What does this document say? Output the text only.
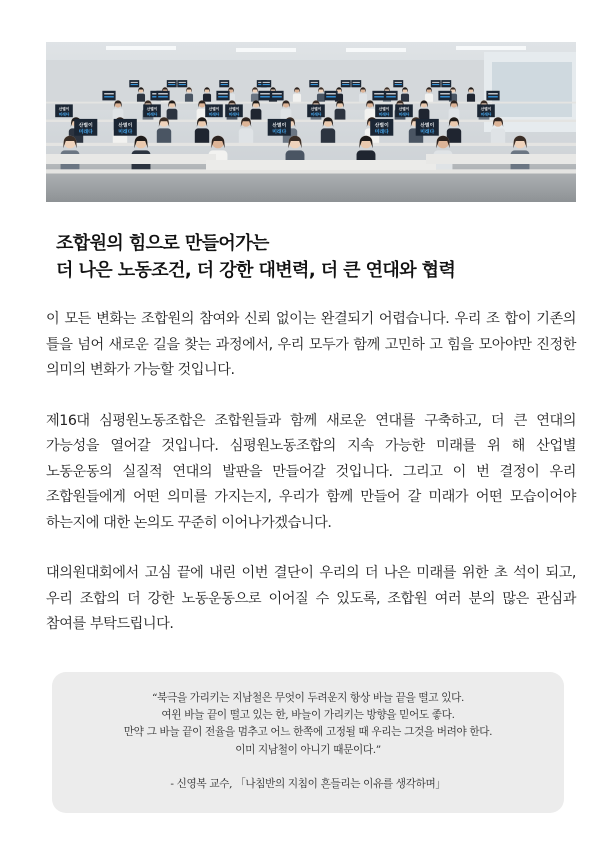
산별이
미래다
산별이
미래다
산별이
미래다
산별이
미래다
산별이
미래다
산별이
미래다
산별이
미래다
산별이
미래다
산별이
미래다
산별이
미래다
산별이
미래다
산별이
미래다
산별이
미래다
조합원의 힘으로 만들어가는
더 나은 노동조건, 더 강한 대변력, 더 큰 연대와 협력

이 모든 변화는 조합원의 참여와 신뢰 없이는 완결되기 어렵습니다. 우리 조 합이 기존의 틀을 넘어 새로운 길을 찾는 과정에서, 우리 모두가 함께 고민하 고 힘을 모아야만 진정한 의미의 변화가 가능할 것입니다.

제16대 심평원노동조합은 조합원들과 함께 새로운 연대를 구축하고, 더 큰 연대의 가능성을 열어갈 것입니다. 심평원노동조합의 지속 가능한 미래를 위 해 산업별 노동운동의 실질적 연대의 발판을 만들어갈 것입니다. 그리고 이 번 결정이 우리 조합원들에게 어떤 의미를 가지는지, 우리가 함께 만들어 갈 미래가 어떤 모습이어야 하는지에 대한 논의도 꾸준히 이어나가겠습니다.

대의원대회에서 고심 끝에 내린 이번 결단이 우리의 더 나은 미래를 위한 초 석이 되고, 우리 조합의 더 강한 노동운동으로 이어질 수 있도록, 조합원 여러 분의 많은 관심과 참여를 부탁드립니다.

“북극을 가리키는 지남철은 무엇이 두려운지 항상 바늘 끝을 떨고 있다.
여윈 바늘 끝이 떨고 있는 한, 바늘이 가리키는 방향을 믿어도 좋다.
만약 그 바늘 끝이 전율을 멈추고 어느 한쪽에 고정될 때 우리는 그것을 버려야 한다.
이미 지남철이 아니기 때문이다.”
- 신영복 교수, 「나침반의 지침이 흔들리는 이유를 생각하며」
